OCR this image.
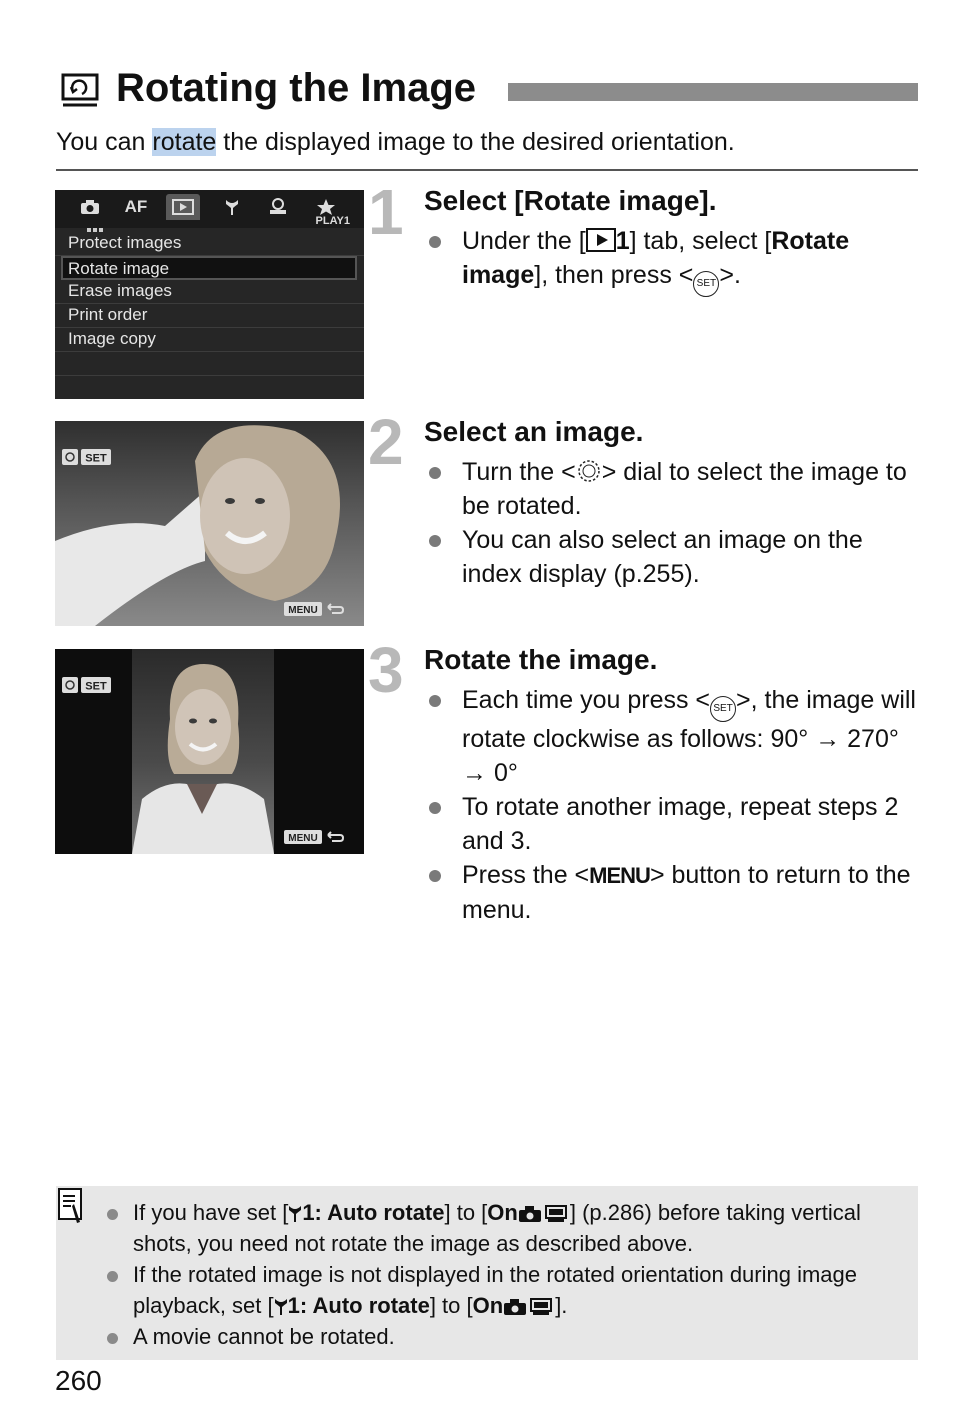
Rotating the Image
You can rotate the displayed image to the desired orientation.
AF
PLAY1
Protect images
Rotate image
Erase images
Print order
Image copy
SET
MENU
SET
MENU
1 Select [Rotate image].
Under the [ 1] tab, select [Rotate image], then press < SET >.
2 Select an image.
Turn the < > dial to select the image to be rotated.
You can also select an image on the index display (p.255).
3 Rotate the image.
Each time you press < SET >, the image will rotate clockwise as follows: 90° → 270° → 0°
To rotate another image, repeat steps 2 and 3.
Press the <MENU> button to return to the menu.
If you have set [ 1: Auto rotate] to [On ] (p.286) before taking vertical shots, you need not rotate the image as described above.
If the rotated image is not displayed in the rotated orientation during image playback, set [ 1: Auto rotate] to [On ].
A movie cannot be rotated.
260
